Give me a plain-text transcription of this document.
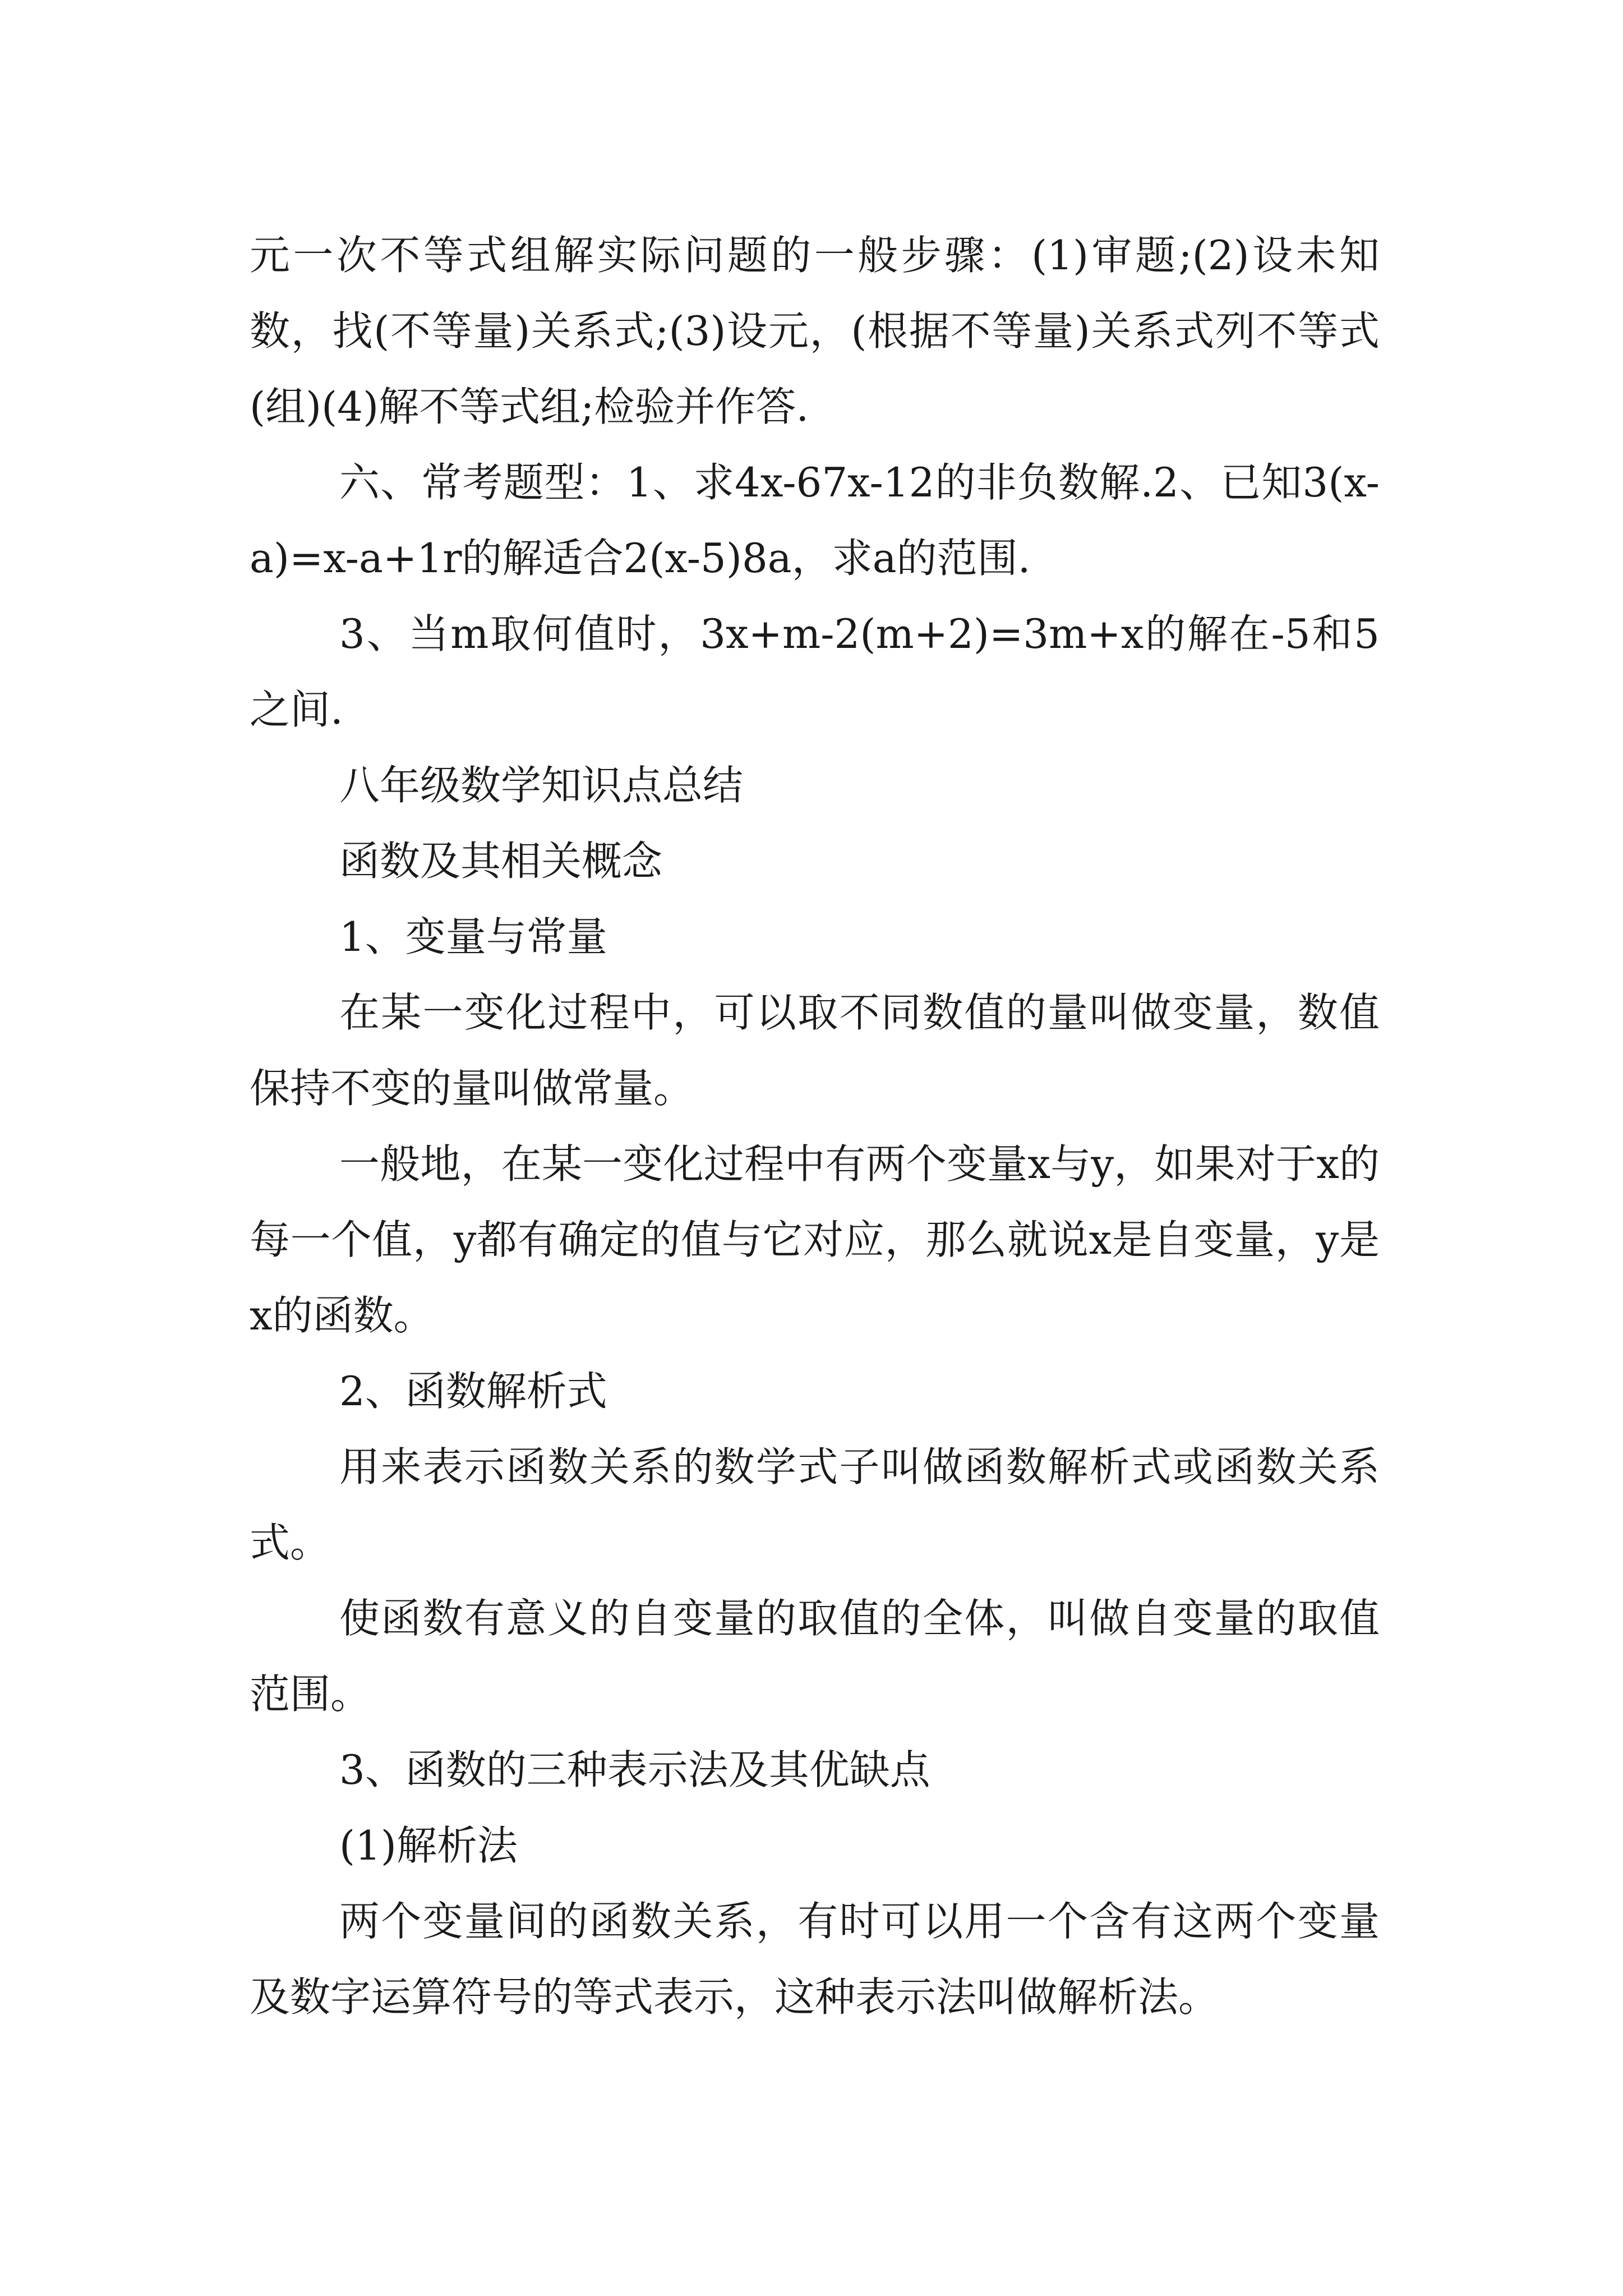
元一次不等式组解实际问题的一般步骤：(1)审题;(2)设未知数，找(不等量)关系式;(3)设元，(根据不等量)关系式列不等式(组)(4)解不等式组;检验并作答.

六、常考题型：1、求4x-67x-12的非负数解.2、已知3(x-a)=x-a+1r的解适合2(x-5)8a，求a的范围.

3、当m取何值时，3x+m-2(m+2)=3m+x的解在-5和5之间.

八年级数学知识点总结

函数及其相关概念

1、变量与常量

在某一变化过程中，可以取不同数值的量叫做变量，数值保持不变的量叫做常量。

一般地，在某一变化过程中有两个变量x与y，如果对于x的每一个值，y都有确定的值与它对应，那么就说x是自变量，y是x的函数。

2、函数解析式

用来表示函数关系的数学式子叫做函数解析式或函数关系式。

使函数有意义的自变量的取值的全体，叫做自变量的取值范围。

3、函数的三种表示法及其优缺点

(1)解析法

两个变量间的函数关系，有时可以用一个含有这两个变量及数字运算符号的等式表示，这种表示法叫做解析法。
